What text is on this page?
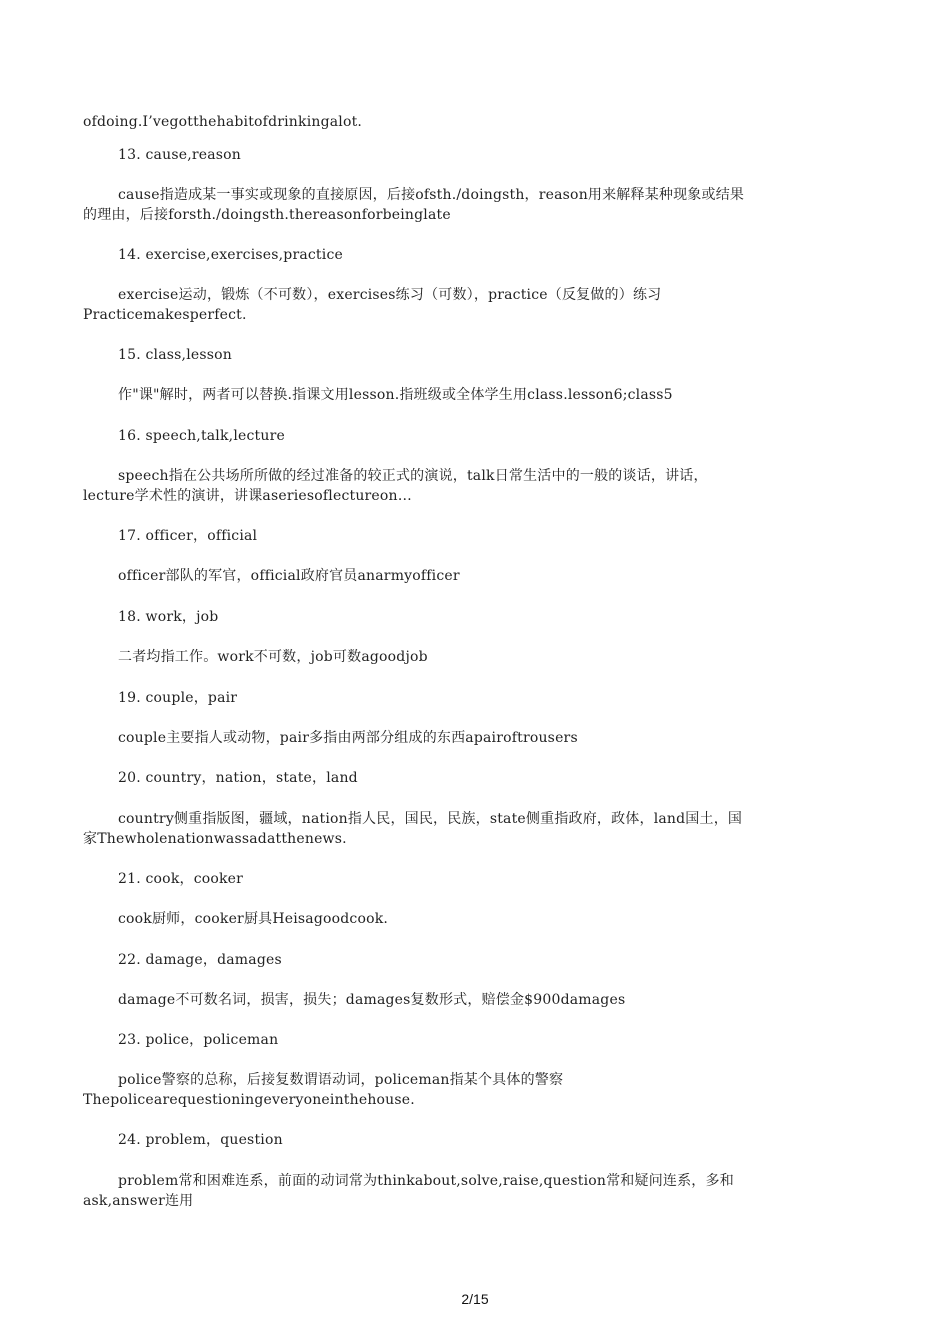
ofdoing.I’vegotthehabitofdrinkingalot.
13. cause,reason
cause指造成某一事实或现象的直接原因，后接ofsth./doingsth，reason用来解释某种现象或结果
的理由，后接forsth./doingsth.thereasonforbeinglate
14. exercise,exercises,practice
exercise运动，锻炼（不可数），exercises练习（可数），practice（反复做的）练习
Practicemakesperfect.
15. class,lesson
作"课"解时，两者可以替换.指课文用lesson.指班级或全体学生用class.lesson6;class5
16. speech,talk,lecture
speech指在公共场所所做的经过准备的较正式的演说，talk日常生活中的一般的谈话，讲话，
lecture学术性的演讲，讲课aseriesoflectureon…
17. officer，official
officer部队的军官，official政府官员anarmyofficer
18. work，job
二者均指工作。work不可数，job可数agoodjob
19. couple，pair
couple主要指人或动物，pair多指由两部分组成的东西apairoftrousers
20. country，nation，state，land
country侧重指版图，疆域，nation指人民，国民，民族，state侧重指政府，政体，land国土，国
家Thewholenationwassadatthenews.
21. cook，cooker
cook厨师，cooker厨具Heisagoodcook.
22. damage，damages
damage不可数名词，损害，损失；damages复数形式，赔偿金$900damages
23. police，policeman
police警察的总称，后接复数谓语动词，policeman指某个具体的警察
Thepolicearequestioningeveryoneinthehouse.
24. problem，question
problem常和困难连系，前面的动词常为thinkabout,solve,raise,question常和疑问连系，多和
ask,answer连用
2/15
